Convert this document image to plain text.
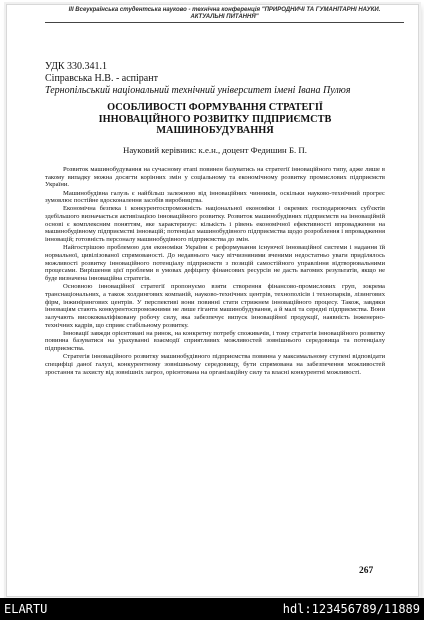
ІІІ Всеукраїнська студентська науково - технічна конференція "ПРИРОДНИЧІ ТА ГУМАНІТАРНІ НАУКИ.
АКТУАЛЬНІ ПИТАННЯ"
УДК 330.341.1
Сіправська Н.В. - аспірант
Тернопільський національний технічний університет імені Івана Пулюя
ОСОБЛИВОСТІ ФОРМУВАННЯ СТРАТЕГІЇ
ІННОВАЦІЙНОГО РОЗВИТКУ ПІДПРИЄМСТВ
МАШИНОБУДУВАННЯ
Науковий керівник: к.е.н., доцент Федишин Б. П.

Розвиток машинобудування на сучасному етапі повинен базуватись на стратегії інноваційного типу, адже лише в такому випадку можна досягти корінних змін у соціальному та економічному розвитку промислових підприємств України.

Машинобудівна галузь є найбільш залежною від інноваційних чинників, оскільки науково-технічний прогрес зумовлює постійне вдосконалення засобів виробництва.

Економічна безпека і конкурентоспроможність національної економіки і окремих господарюючих суб'єктів здебільшого визначається активізацією інноваційного розвитку. Розвиток машинобудівних підприємств на інноваційній основі є комплексним поняттям, яке характеризує: кількість і рівень економічної ефективності впровадження на машинобудівному підприємстві інновацій; потенціал машинобудівного підприємства щодо розроблення і впровадження інновацій; готовність персоналу машинобудівного підприємства до змін.

Найгострішою проблемою для економіки України є реформування існуючої інноваційної системи і надання їй нормальної, цивілізованої спрямованості. До недавнього часу вітчизняними вченими недостатньо уваги приділялось можливості розвитку інноваційного потенціалу підприємств з позицій самостійного управління відтворювальними процесами. Вирішення цієї проблеми в умовах дефіциту фінансових ресурсів не дасть вагомих результатів, якщо не буде визначена інноваційна стратегія.

Основною інноваційної стратегії пропонуємо взяти створення фінансово-промислових груп, зокрема транснаціональних, а також холдингових компаній, науково-технічних центрів, технополісів і технопарків, лізингових фірм, інжинірингових центрів. У перспективі вони повинні стати стрижнем інноваційного процесу. Також, завдяки інноваціям стають конкурентоспроможними не лише гіганти машинобудування, а й малі та середні підприємства. Вони залучають висококваліфіковану робочу силу, яка забезпечує випуск інноваційної продукції, наявність інженерно-технічних кадрів, що сприяє стабільному розвитку.

Інновації завжди орієнтовані на ринок, на конкретну потребу споживачів, і тому стратегія інноваційного розвитку повинна базуватися на урахуванні взаємодії сприятливих можливостей зовнішнього середовища та потенціалу підприємства.

Стратегія інноваційного розвитку машинобудівного підприємства повинна у максимальному ступені відповідати специфіці даної галузі, конкурентному зовнішньому середовищу, бути спрямована на забезпечення можливостей зростання та захисту від зовнішніх загроз, орієнтована на організаційну силу та власні конкурентні можливості.

267
ELARTU	hdl:123456789/11889
